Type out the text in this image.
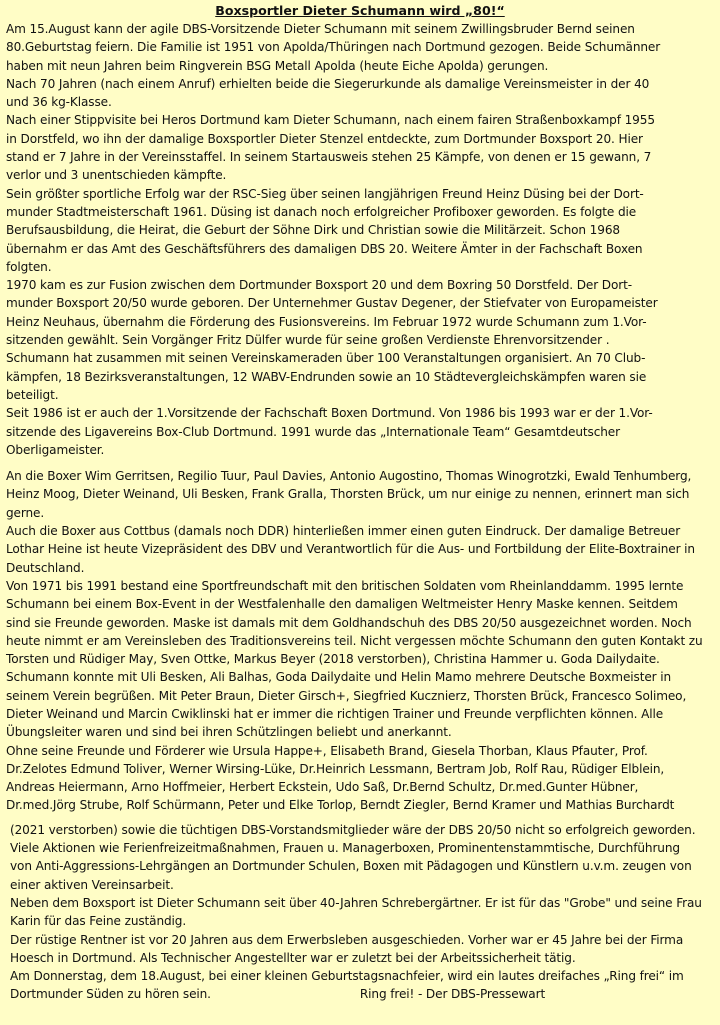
Boxsportler Dieter Schumann wird „80!“

Am 15.August kann der agile DBS-Vorsitzende Dieter Schumann mit seinem Zwillingsbruder Bernd seinen
80.Geburtstag feiern. Die Familie ist 1951 von Apolda/Thüringen nach Dortmund gezogen. Beide Schumänner
haben mit neun Jahren beim Ringverein BSG Metall Apolda (heute Eiche Apolda) gerungen.

Nach 70 Jahren (nach einem Anruf) erhielten beide die Siegerurkunde als damalige Vereinsmeister in der 40
und 36 kg-Klasse.

Nach einer Stippvisite bei Heros Dortmund kam Dieter Schumann, nach einem fairen Straßenboxkampf 1955
in Dorstfeld, wo ihn der damalige Boxsportler Dieter Stenzel entdeckte, zum Dortmunder Boxsport 20. Hier
stand er 7 Jahre in der Vereinsstaffel. In seinem Startausweis stehen 25 Kämpfe, von denen er 15 gewann, 7
verlor und 3 unentschieden kämpfte.

Sein größter sportliche Erfolg war der RSC-Sieg über seinen langjährigen Freund Heinz Düsing bei der Dort-
munder Stadtmeisterschaft 1961. Düsing ist danach noch erfolgreicher Profiboxer geworden. Es folgte die
Berufsausbildung, die Heirat, die Geburt der Söhne Dirk und Christian sowie die Militärzeit. Schon 1968
übernahm er das Amt des Geschäftsführers des damaligen DBS 20. Weitere Ämter in der Fachschaft Boxen
folgten.

1970 kam es zur Fusion zwischen dem Dortmunder Boxsport 20 und dem Boxring 50 Dorstfeld. Der Dort-
munder Boxsport 20/50 wurde geboren. Der Unternehmer Gustav Degener, der Stiefvater von Europameister
Heinz Neuhaus, übernahm die Förderung des Fusionsvereins. Im Februar 1972 wurde Schumann zum 1.Vor-
sitzenden gewählt. Sein Vorgänger Fritz Dülfer wurde für seine großen Verdienste Ehrenvorsitzender .
Schumann hat zusammen mit seinen Vereinskameraden über 100 Veranstaltungen organisiert. An 70 Club-
kämpfen, 18 Bezirksveranstaltungen, 12 WABV-Endrunden sowie an 10 Städtevergleichskämpfen waren sie
beteiligt.

Seit 1986 ist er auch der 1.Vorsitzende der Fachschaft Boxen Dortmund. Von 1986 bis 1993 war er der 1.Vor-
sitzende des Ligavereins Box-Club Dortmund. 1991 wurde das „Internationale Team“ Gesamtdeutscher
Oberligameister.

An die Boxer Wim Gerritsen, Regilio Tuur, Paul Davies, Antonio Augostino, Thomas Winogrotzki, Ewald Tenhumberg,
Heinz Moog, Dieter Weinand, Uli Besken, Frank Gralla, Thorsten Brück, um nur einige zu nennen, erinnert man sich
gerne.

Auch die Boxer aus Cottbus (damals noch DDR) hinterließen immer einen guten Eindruck. Der damalige Betreuer
Lothar Heine ist heute Vizepräsident des DBV und Verantwortlich für die Aus- und Fortbildung der Elite-Boxtrainer in
Deutschland.

Von 1971 bis 1991 bestand eine Sportfreundschaft mit den britischen Soldaten vom Rheinlanddamm. 1995 lernte
Schumann bei einem Box-Event in der Westfalenhalle den damaligen Weltmeister Henry Maske kennen. Seitdem
sind sie Freunde geworden. Maske ist damals mit dem Goldhandschuh des DBS 20/50 ausgezeichnet worden. Noch
heute nimmt er am Vereinsleben des Traditionsvereins teil. Nicht vergessen möchte Schumann den guten Kontakt zu
Torsten und Rüdiger May, Sven Ottke, Markus Beyer (2018 verstorben), Christina Hammer u. Goda Dailydaite.

Schumann konnte mit Uli Besken, Ali Balhas, Goda Dailydaite und Helin Mamo mehrere Deutsche Boxmeister in
seinem Verein begrüßen. Mit Peter Braun, Dieter Girsch+, Siegfried Kucznierz, Thorsten Brück, Francesco Solimeo,
Dieter Weinand und Marcin Cwiklinski hat er immer die richtigen Trainer und Freunde verpflichten können. Alle
Übungsleiter waren und sind bei ihren Schützlingen beliebt und anerkannt.

Ohne seine Freunde und Förderer wie Ursula Happe+, Elisabeth Brand, Giesela Thorban, Klaus Pfauter, Prof.
Dr.Zelotes Edmund Toliver, Werner Wirsing-Lüke, Dr.Heinrich Lessmann, Bertram Job, Rolf Rau, Rüdiger Elblein,
Andreas Heiermann, Arno Hoffmeier, Herbert Eckstein, Udo Saß, Dr.Bernd Schultz, Dr.med.Gunter Hübner,
Dr.med.Jörg Strube, Rolf Schürmann, Peter und Elke Torlop, Berndt Ziegler, Bernd Kramer und Mathias Burchardt

(2021 verstorben) sowie die tüchtigen DBS-Vorstandsmitglieder wäre der DBS 20/50 nicht so erfolgreich geworden.
Viele Aktionen wie Ferienfreizeitmaßnahmen, Frauen u. Managerboxen, Prominentenstammtische, Durchführung
von Anti-Aggressions-Lehrgängen an Dortmunder Schulen, Boxen mit Pädagogen und Künstlern u.v.m. zeugen von
einer aktiven Vereinsarbeit.

Neben dem Boxsport ist Dieter Schumann seit über 40-Jahren Schrebergärtner. Er ist für das "Grobe" und seine Frau
Karin für das Feine zuständig.

Der rüstige Rentner ist vor 20 Jahren aus dem Erwerbsleben ausgeschieden. Vorher war er 45 Jahre bei der Firma
Hoesch in Dortmund. Als Technischer Angestellter war er zuletzt bei der Arbeitssicherheit tätig.

Am Donnerstag, dem 18.August, bei einer kleinen Geburtstagsnachfeier, wird ein lautes dreifaches „Ring frei“ im
Dortmunder Süden zu hören sein.                                        Ring frei! - Der DBS-Pressewart
